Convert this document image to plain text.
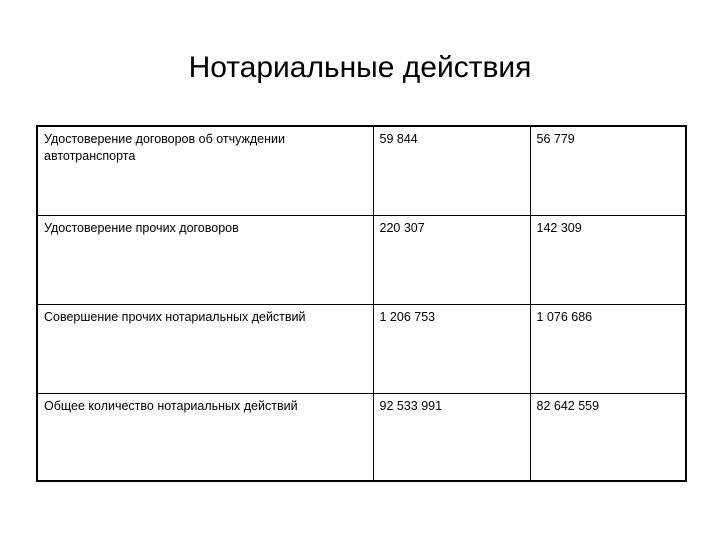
Нотариальные действия
Удостоверение договоров об отчуждении автотранспорта	59 844	56 779
Удостоверение прочих договоров	220 307	142 309
Совершение прочих нотариальных действий	1 206 753	1 076 686
Общее количество нотариальных действий	92 533 991	82 642 559
